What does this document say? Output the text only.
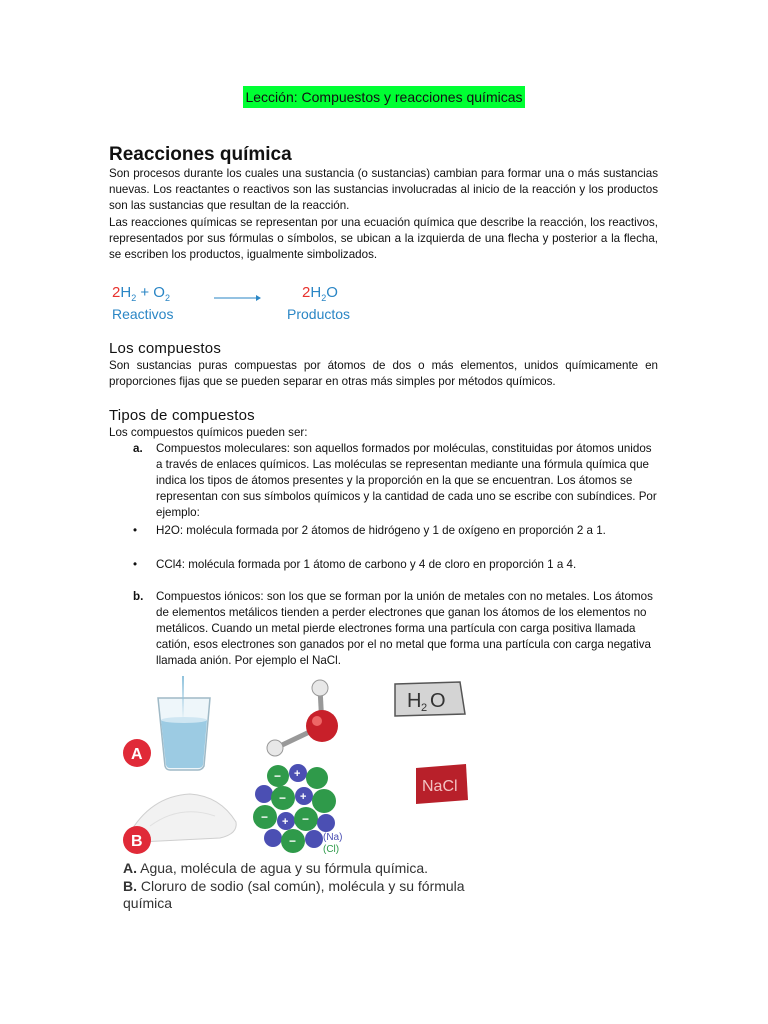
Lección: Compuestos y reacciones químicas
Reacciones química

Son procesos durante los cuales una sustancia (o sustancias) cambian para formar una o más sustancias nuevas. Los reactantes o reactivos son las sustancias involucradas al inicio de la reacción y los productos son las sustancias que resultan de la reacción.

Las reacciones químicas se representan por una ecuación química que describe la reacción, los reactivos, representados por sus fórmulas o símbolos, se ubican a la izquierda de una flecha y posterior a la flecha, se escriben los productos, igualmente simbolizados.

$2H_2 + O_2$	$2H_2O$
Reactivos	Productos
Los compuestos

Son sustancias puras compuestas por átomos de dos o más elementos, unidos químicamente en proporciones fijas que se pueden separar en otras más simples por métodos químicos.

Tipos de compuestos

Los compuestos químicos pueden ser:

a. Compuestos moleculares: son aquellos formados por moléculas, constituidas por átomos unidos a través de enlaces químicos. Las moléculas se representan mediante una fórmula química que indica los tipos de átomos presentes y la proporción en la que se encuentran. Los átomos se representan con sus símbolos químicos y la cantidad de cada uno se escribe con subíndices. Por ejemplo:
• H2O: molécula formada por 2 átomos de hidrógeno y 1 de oxígeno en proporción 2 a 1.
• CCl4: molécula formada por 1 átomo de carbono y 4 de cloro en proporción 1 a 4.
b. Compuestos iónicos: son los que se forman por la unión de metales con no metales. Los átomos de elementos metálicos tienden a perder electrones que ganan los átomos de los elementos no metálicos. Cuando un metal pierde electrones forma una partícula con carga positiva llamada catión, esos electrones son ganados por el no metal que forma una partícula con carga negativa llamada anión. Por ejemplo el NaCl.
H 2 O
NaCl
A
B
− +
− +
− + −
−	(Na)
(Cl)
A. Agua, molécula de agua y su fórmula química.
B. Cloruro de sodio (sal común), molécula y su fórmula química
